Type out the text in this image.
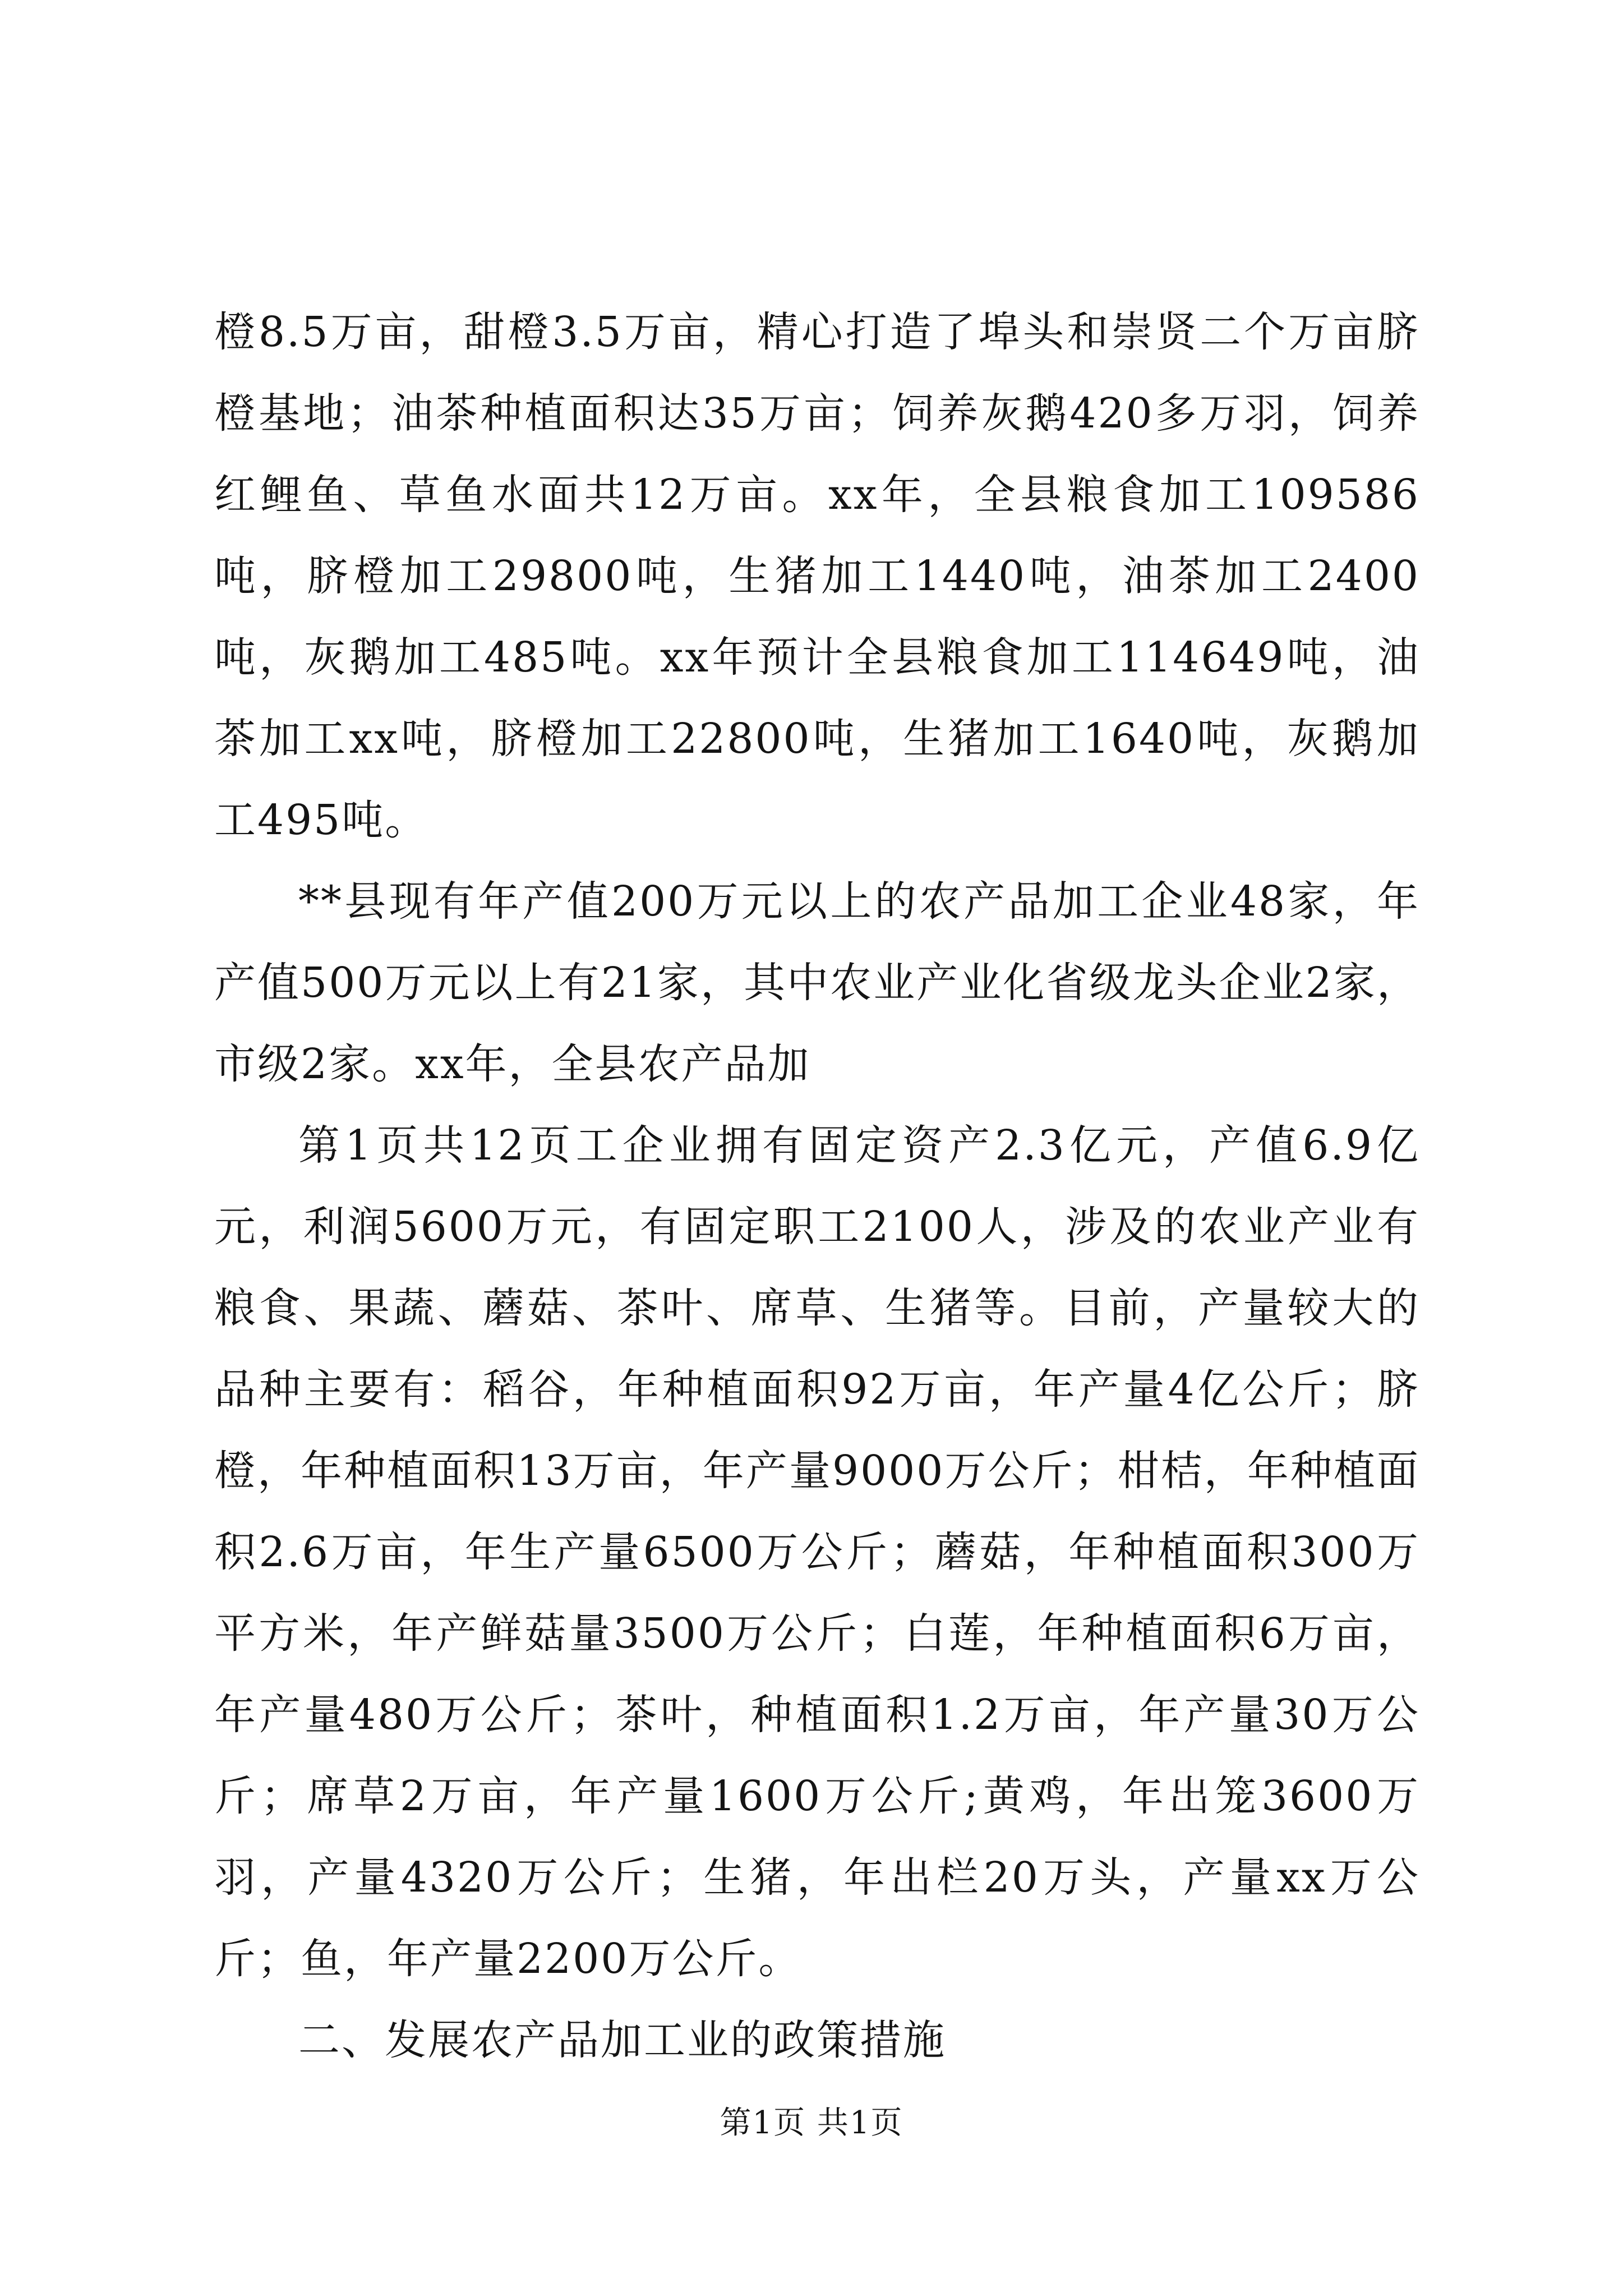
橙8.5万亩，甜橙3.5万亩，精心打造了埠头和崇贤二个万亩脐橙基地；油茶种植面积达35万亩；饲养灰鹅420多万羽，饲养红鲤鱼、草鱼水面共12万亩。xx年，全县粮食加工109586吨，脐橙加工29800吨，生猪加工1440吨，油茶加工2400吨，灰鹅加工485吨。xx年预计全县粮食加工114649吨，油茶加工xx吨，脐橙加工22800吨，生猪加工1640吨，灰鹅加工495吨。

**县现有年产值200万元以上的农产品加工企业48家，年产值500万元以上有21家，其中农业产业化省级龙头企业2家，市级2家。xx年，全县农产品加

第1页共12页工企业拥有固定资产2.3亿元，产值6.9亿元，利润5600万元，有固定职工2100人，涉及的农业产业有粮食、果蔬、蘑菇、茶叶、席草、生猪等。目前，产量较大的品种主要有：稻谷，年种植面积92万亩，年产量4亿公斤；脐橙，年种植面积13万亩，年产量9000万公斤；柑桔，年种植面积2.6万亩，年生产量6500万公斤；蘑菇，年种植面积300万平方米，年产鲜菇量3500万公斤；白莲，年种植面积6万亩，年产量480万公斤；茶叶，种植面积1.2万亩，年产量30万公斤；席草2万亩，年产量1600万公斤;黄鸡，年出笼3600万羽，产量4320万公斤；生猪，年出栏20万头，产量xx万公斤；鱼，年产量2200万公斤。

二、发展农产品加工业的政策措施

第1页 共1页
